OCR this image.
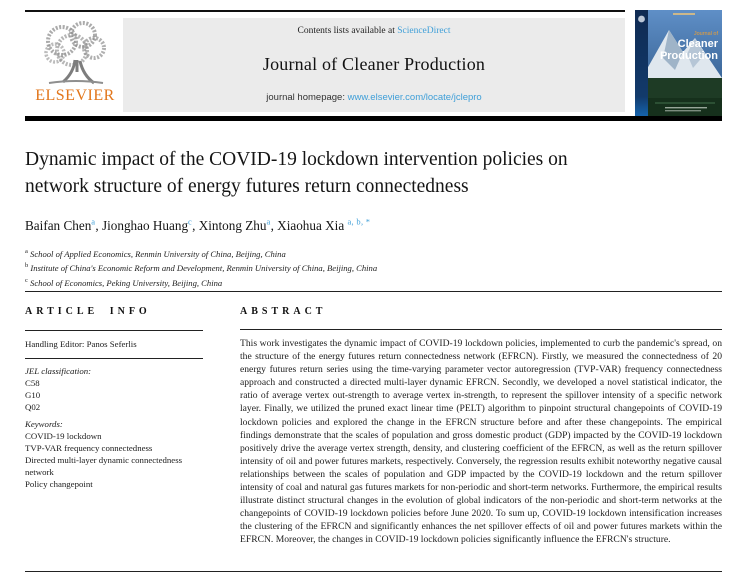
ELSEVIER
Contents lists available at ScienceDirect
Journal of Cleaner Production
journal homepage: www.elsevier.com/locate/jclepro
Journal of
Cleaner
Production
Dynamic impact of the COVID-19 lockdown intervention policies on
network structure of energy futures return connectedness
Baifan Chen$^a$, Jionghao Huang$^c$, Xintong Zhu$^a$, Xiaohua Xia $^{a, b, *}$
$^a$ School of Applied Economics, Renmin University of China, Beijing, China
$^b$ Institute of China's Economic Reform and Development, Renmin University of China, Beijing, China
$^c$ School of Economics, Peking University, Beijing, China
ARTICLE INFO
Handling Editor: Panos Seferlis
JEL classification:
C58
G10
Q02
Keywords:
COVID-19 lockdown
TVP-VAR frequency connectedness
Directed multi-layer dynamic connectedness network
Policy changepoint
ABSTRACT
This work investigates the dynamic impact of COVID-19 lockdown policies, implemented to curb the pandemic's spread, on the structure of the energy futures return connectedness network (EFRCN). Firstly, we measured the connectedness of 20 energy futures return series using the time-varying parameter vector autoregression (TVP-VAR) frequency connectedness approach and constructed a directed multi-layer dynamic EFRCN. Secondly, we developed a novel statistical indicator, the ratio of average vertex out-strength to average vertex in-strength, to represent the spillover intensity of a specific network layer. Finally, we utilized the pruned exact linear time (PELT) algorithm to pinpoint structural changepoints of COVID-19 lockdown policies and explored the change in the EFRCN structure before and after these changepoints. The empirical findings demonstrate that the scales of population and gross domestic product (GDP) impacted by the COVID-19 lockdown positively drive the average vertex strength, density, and clustering coefficient of the EFRCN, as well as the return spillover intensity of oil and power futures markets, respectively. Conversely, the regression results exhibit noteworthy negative causal relationships between the scales of population and GDP impacted by the COVID-19 lockdown and the return spillover intensity of coal and natural gas futures markets for non-periodic and short-term networks. Furthermore, the empirical results illustrate distinct structural changes in the evolution of global indicators of the non-periodic and short-term networks at the changepoints of COVID-19 lockdown policies before June 2020. To sum up, COVID-19 lockdown intensification increases the clustering of the EFRCN and significantly enhances the net spillover effects of oil and power futures markets within the EFRCN. Moreover, the changes in COVID-19 lockdown policies significantly influence the EFRCN's structure.
